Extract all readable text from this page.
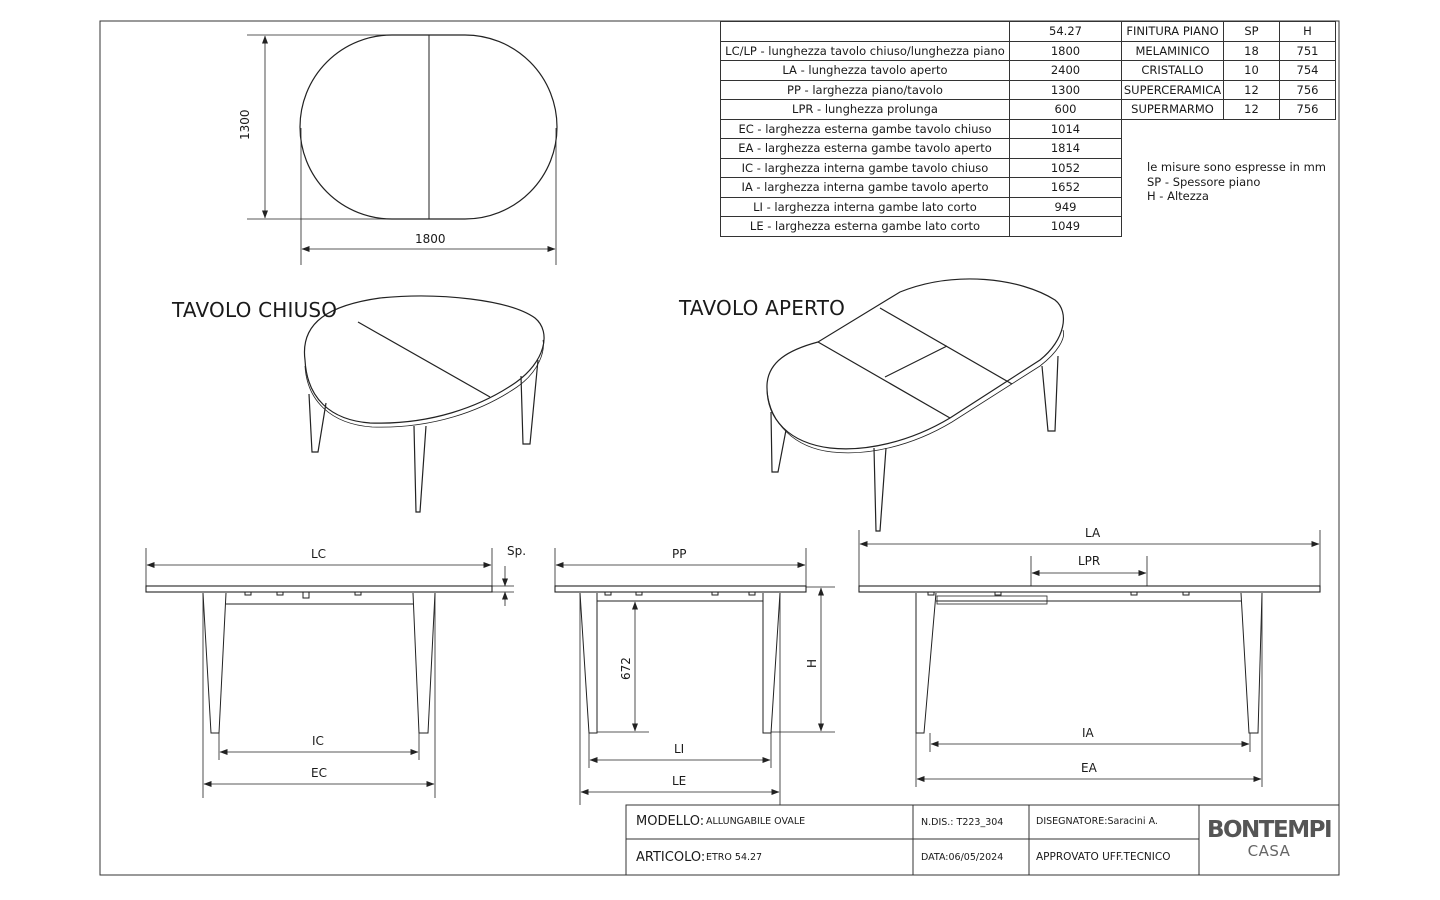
	54.27
LC/LP - lunghezza tavolo chiuso/lunghezza piano	1800
LA - lunghezza tavolo aperto	2400
PP - larghezza piano/tavolo	1300
LPR - lunghezza prolunga	600
EC - larghezza esterna gambe tavolo chiuso	1014
EA - larghezza esterna gambe tavolo aperto	1814
IC - larghezza interna gambe tavolo chiuso	1052
IA - larghezza interna gambe tavolo aperto	1652
LI - larghezza interna gambe lato corto	949
LE - larghezza esterna gambe lato corto	1049
FINITURA PIANO	SP	H
MELAMINICO	18	751
CRISTALLO	10	754
SUPERCERAMICA	12	756
SUPERMARMO	12	756
le misure sono espresse in mm
SP - Spessore piano
H - Altezza
TAVOLO CHIUSO	TAVOLO APERTO
1300
1800
LC	Sp.
IC
EC
PP
672	H
LI
LE
LA
LPR
IA
EA
MODELLO: ALLUNGABILE OVALE
ARTICOLO: ETRO 54.27
N.DIS.: T223_304
DATA:06/05/2024
DISEGNATORE:Saracini A.
APPROVATO UFF.TECNICO
BONTEMPI
CASA
